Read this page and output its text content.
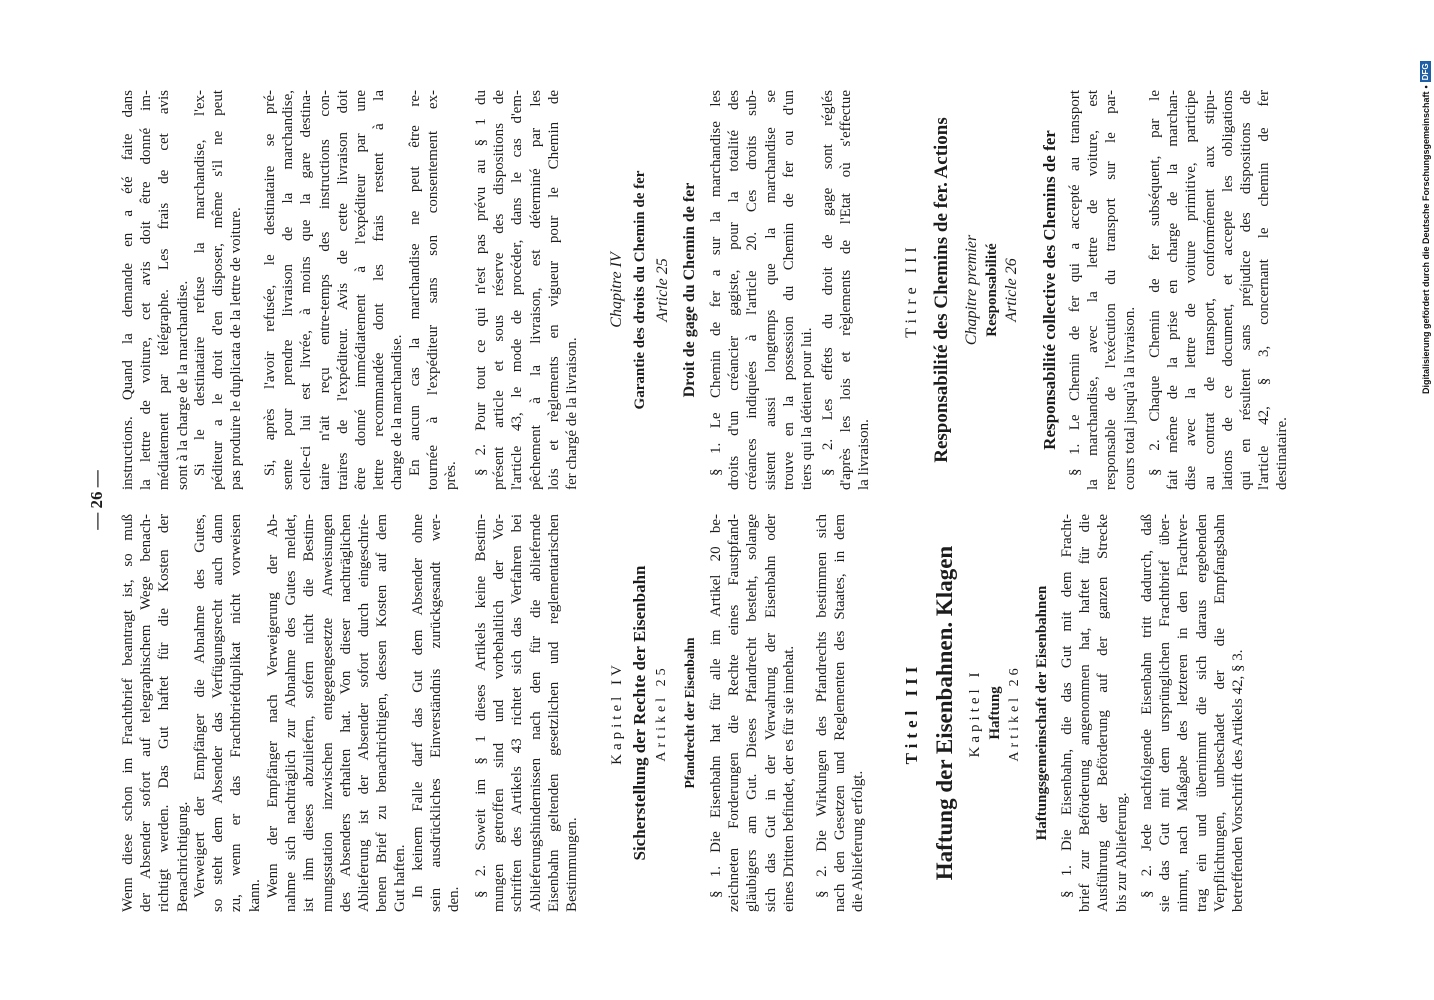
— 26 —
Wenn diese schon im Frachtbrief beantragt ist, so muß der Absender sofort auf telegraphischem Wege benach- richtigt werden. Das Gut haftet für die Kosten der Benachrichtigung. Verweigert der Empfänger die Abnahme des Gutes, so steht dem Absender das Verfügungsrecht auch dann zu, wenn er das Frachtbriefduplikat nicht vorweisen kann. Wenn der Empfänger nach Verweigerung der Ab- nahme sich nachträglich zur Abnahme des Gutes meldet, ist ihm dieses abzuliefern, sofern nicht die Bestim- mungsstation inzwischen entgegengesetzte Anweisungen des Absenders erhalten hat. Von dieser nachträglichen Ablieferung ist der Absender sofort durch eingeschrie- benen Brief zu benachrichtigen, dessen Kosten auf dem Gut haften. In keinem Falle darf das Gut dem Absender ohne sein ausdrückliches Einverständnis zurückgesandt wer- den.
§ 2. Soweit im § 1 dieses Artikels keine Bestim- mungen getroffen sind und vorbehaltlich der Vor- schriften des Artikels 43 richtet sich das Verfahren bei Ablieferungshindernissen nach den für die abliefernde Eisenbahn geltenden gesetzlichen und reglementarischen Bestimmungen.
Kapitel IV Sicherstellung der Rechte der Eisenbahn Artikel 25 Pfandrecht der Eisenbahn § 1. Die Eisenbahn hat für alle im Artikel 20 be- zeichneten Forderungen die Rechte eines Faustpfand- gläubigers am Gut. Dieses Pfandrecht besteht, solange sich das Gut in der Verwahrung der Eisenbahn oder eines Dritten befindet, der es für sie innehat. § 2. Die Wirkungen des Pfandrechts bestimmen sich nach den Gesetzen und Reglementen des Staates, in dem die Ablieferung erfolgt.
Titel III Haftung der Eisenbahnen. Klagen Kapitel I Haftung Artikel 26 Haftungsgemeinschaft der Eisenbahnen § 1. Die Eisenbahn, die das Gut mit dem Fracht- brief zur Beförderung angenommen hat, haftet für die Ausführung der Beförderung auf der ganzen Strecke bis zur Ablieferung. § 2. Jede nachfolgende Eisenbahn tritt dadurch, daß sie das Gut mit dem ursprünglichen Frachtbrief über- nimmt, nach Maßgabe des letzteren in den Frachtver- trag ein und übernimmt die sich daraus ergebenden Verpflichtungen, unbeschadet der die Empfangsbahn betreffenden Vorschrift des Artikels 42, § 3.
instructions. Quand la demande en a été faite dans la lettre de voiture, cet avis doit être donné im- médiatement par télégraphe. Les frais de cet avis sont à la charge de la marchandise. Si le destinataire refuse la marchandise, l'ex- péditeur a le droit d'en disposer, même s'il ne peut pas produire le duplicata de la lettre de voiture. Si, après l'avoir refusée, le destinataire se pré- sente pour prendre livraison de la marchandise, celle-ci lui est livrée, à moins que la gare destina- taire n'ait reçu entre-temps des instructions con- traires de l'expéditeur. Avis de cette livraison doit être donné immédiatement à l'expéditeur par une lettre recommandée dont les frais restent à la charge de la marchandise. En aucun cas la marchandise ne peut être re- tournée à l'expéditeur sans son consentement ex- près. § 2. Pour tout ce qui n'est pas prévu au § 1 du présent article et sous réserve des dispositions de l'article 43, le mode de procéder, dans le cas d'em- pêchement à la livraison, est déterminé par les lois et règlements en vigueur pour le Chemin de fer chargé de la livraison.
Chapitre IV Garantie des droits du Chemin de fer Article 25 Droit de gage du Chemin de fer § 1. Le Chemin de fer a sur la marchandise les droits d'un créancier gagiste, pour la totalité des créances indiquées à l'article 20. Ces droits sub- sistent aussi longtemps que la marchandise se trouve en la possession du Chemin de fer ou d'un tiers qui la détient pour lui. § 2. Les effets du droit de gage sont réglés d'après les lois et règlements de l'Etat où s'effectue la livraison.
Titre III Responsabilité des Chemins de fer. Actions Chapitre premier Responsabilité Article 26 Responsabilité collective des Chemins de fer § 1. Le Chemin de fer qui a accepté au transport la marchandise, avec la lettre de voiture, est responsable de l'exécution du transport sur le par- cours total jusqu'à la livraison. § 2. Chaque Chemin de fer subséquent, par le fait même de la prise en charge de la marchan- dise avec la lettre de voiture primitive, participe au contrat de transport, conformément aux stipu- lations de ce document, et accepte les obligations qui en résultent sans préjudice des dispositions de l'article 42, § 3, concernant le chemin de fer destinataire.
Digitalisierung gefördert durch die Deutsche Forschungsgemeinschaft•DFG
